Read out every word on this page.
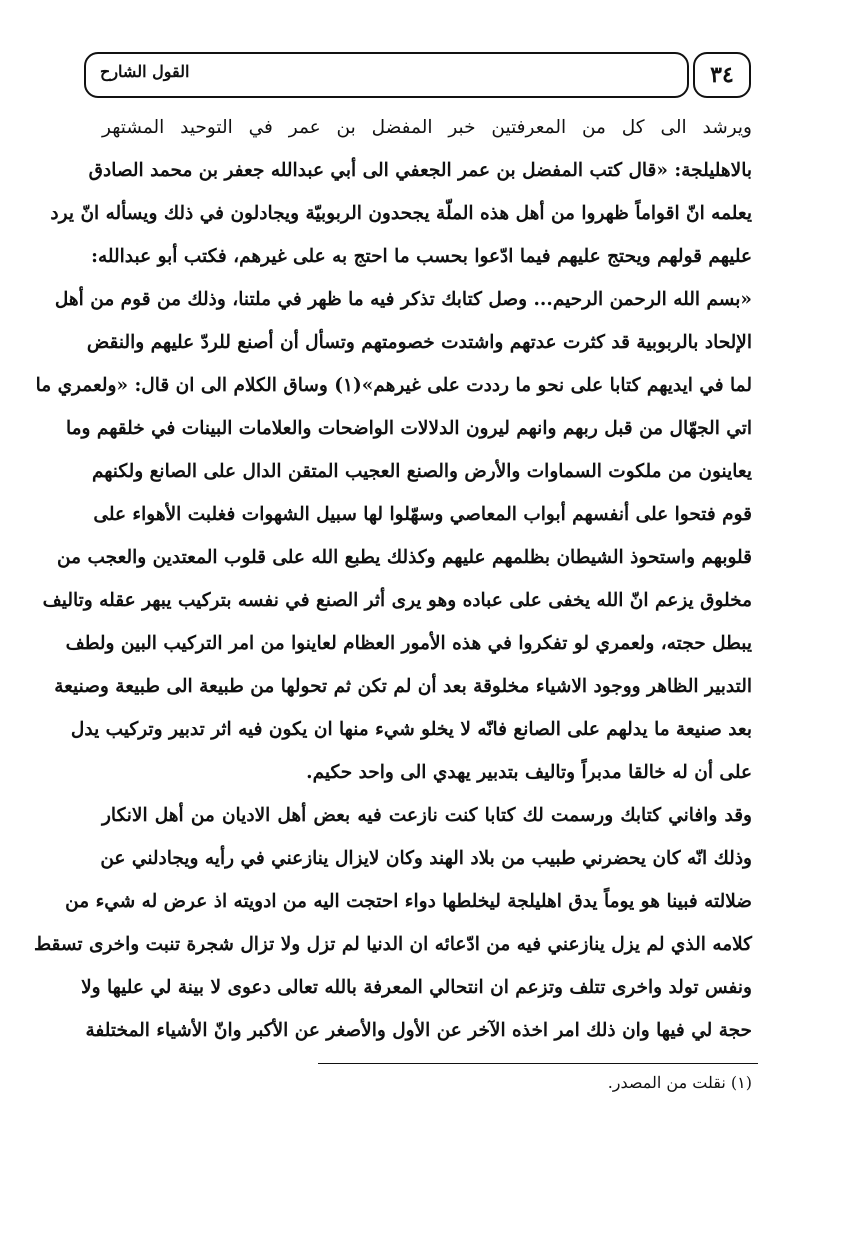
القول الشارح	٣٤
ويرشد الى كل من المعرفتين خبر المفضل بن عمر في التوحيد المشتهر
بالاهليلجة: «قال كتب المفضل بن عمر الجعفي الى أبي عبدالله جعفر بن محمد الصادق
يعلمه انّ اقواماً ظهروا من أهل هذه الملّة يجحدون الربوبيّة ويجادلون في ذلك ويسأله انّ يرد
عليهم قولهم ويحتج عليهم فيما ادّعوا بحسب ما احتج به على غيرهم، فكتب أبو عبدالله:
«بسم الله الرحمن الرحيم... وصل كتابك تذكر فيه ما ظهر في ملتنا، وذلك من قوم من أهل
الإلحاد بالربوبية قد كثرت عدتهم واشتدت خصومتهم وتسأل أن أصنع للردّ عليهم والنقض
لما في ايديهم كتابا على نحو ما رددت على غيرهم»(١) وساق الكلام الى ان قال: «ولعمري ما
اتي الجهّال من قبل ربهم وانهم ليرون الدلالات الواضحات والعلامات البينات في خلقهم وما
يعاينون من ملكوت السماوات والأرض والصنع العجيب المتقن الدال على الصانع ولكنهم
قوم فتحوا على أنفسهم أبواب المعاصي وسهّلوا لها سبيل الشهوات فغلبت الأهواء على
قلوبهم واستحوذ الشيطان بظلمهم عليهم وكذلك يطبع الله على قلوب المعتدين والعجب من
مخلوق يزعم انّ الله يخفى على عباده وهو يرى أثر الصنع في نفسه بتركيب يبهر عقله وتاليف
يبطل حجته، ولعمري لو تفكروا في هذه الأمور العظام لعاينوا من امر التركيب البين ولطف
التدبير الظاهر ووجود الاشياء مخلوقة بعد أن لم تكن ثم تحولها من طبيعة الى طبيعة وصنيعة
بعد صنيعة ما يدلهم على الصانع فانّه لا يخلو شيء منها ان يكون فيه اثر تدبير وتركيب يدل
على أن له خالقا مدبراً وتاليف بتدبير يهدي الى واحد حكيم.
وقد وافاني كتابك ورسمت لك كتابا كنت نازعت فيه بعض أهل الاديان من أهل الانكار
وذلك انّه كان يحضرني طبيب من بلاد الهند وكان لايزال ينازعني في رأيه ويجادلني عن
ضلالته فبينا هو يوماً يدق اهليلجة ليخلطها دواء احتجت اليه من ادويته اذ عرض له شيء من
كلامه الذي لم يزل ينازعني فيه من ادّعائه ان الدنيا لم تزل ولا تزال شجرة تنبت واخرى تسقط
ونفس تولد واخرى تتلف وتزعم ان انتحالي المعرفة بالله تعالى دعوى لا بينة لي عليها ولا
حجة لي فيها وان ذلك امر اخذه الآخر عن الأول والأصغر عن الأكبر وانّ الأشياء المختلفة
(١) نقلت من المصدر.
